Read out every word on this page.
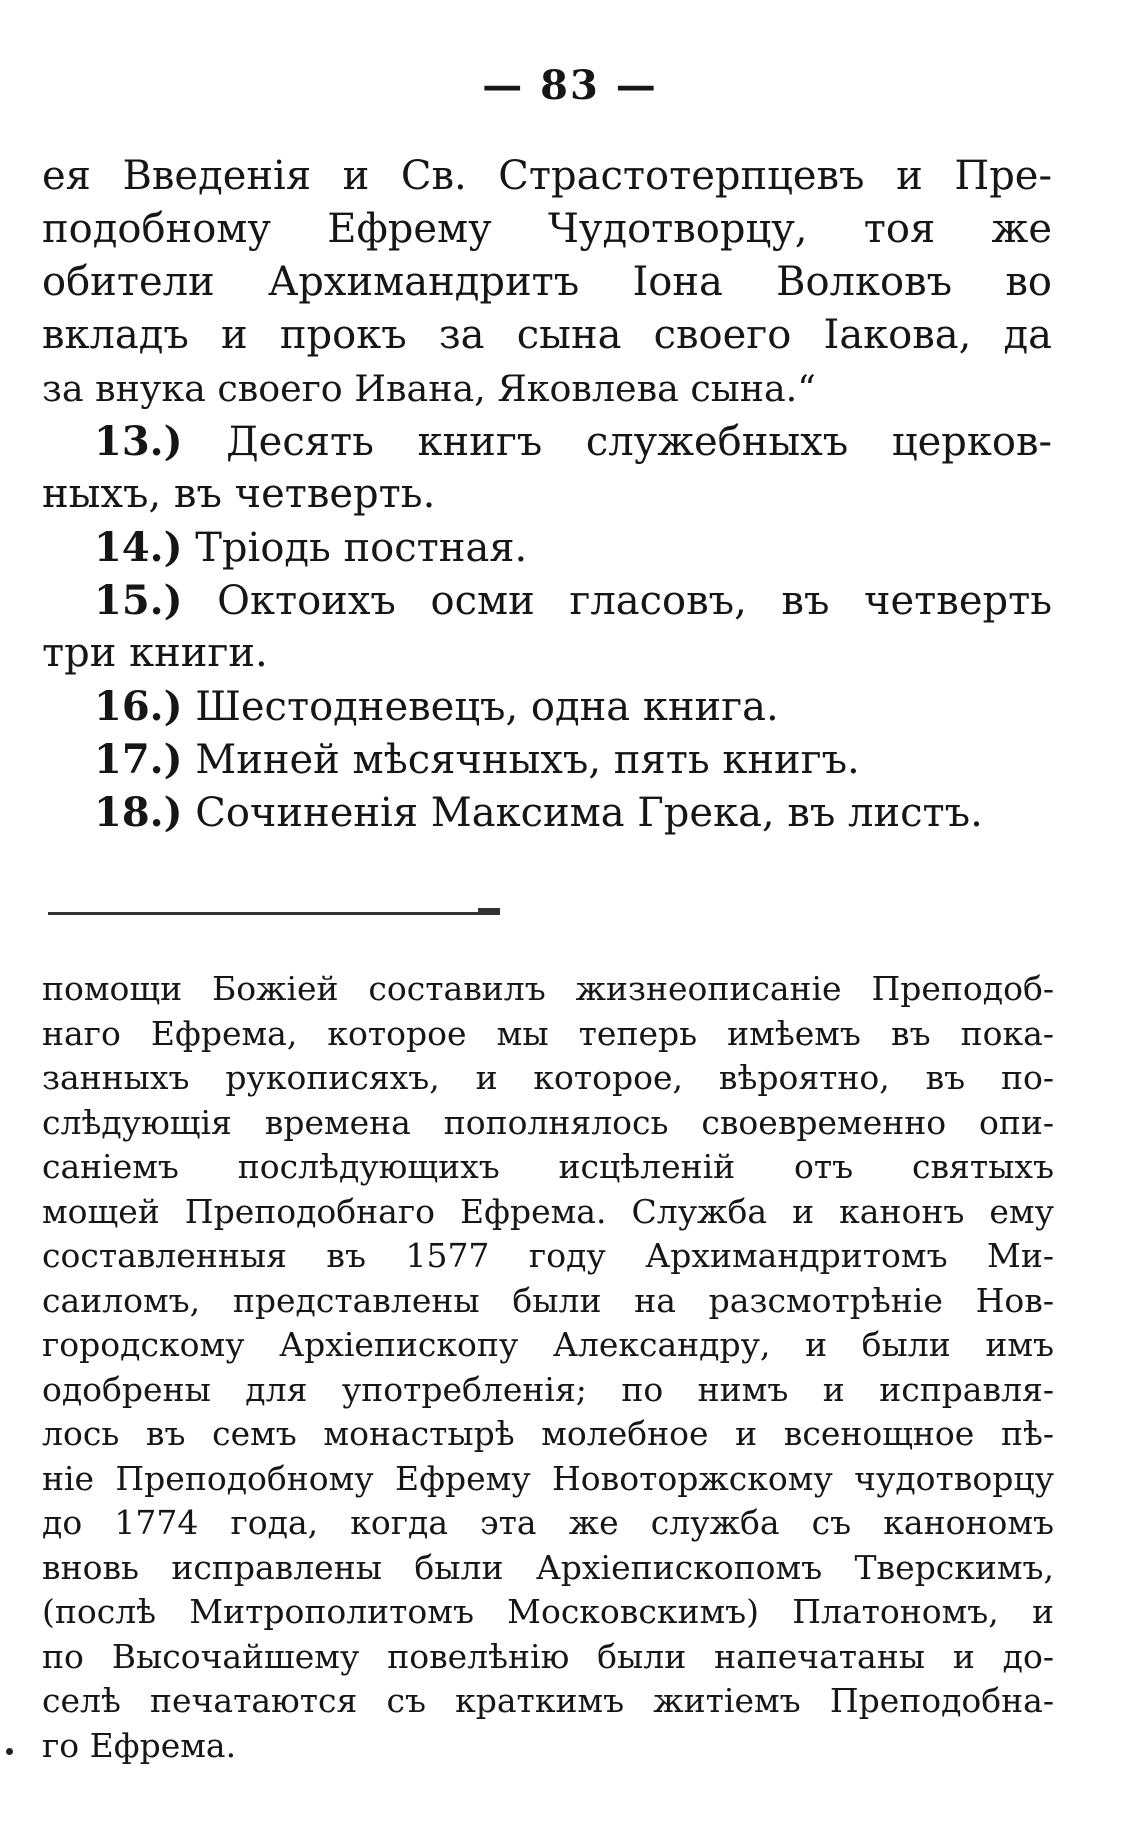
— 83 —
ея Введенія и Св. Страстотерпцевъ и Пре-
подобному Ефрему Чудотворцу, тоя же
обители Архимандритъ Іона Волковъ во
вкладъ и прокъ за сына своего Іакова, да
за внука своего Ивана, Яковлева сына.“
13.) Десять книгъ служебныхъ церков-
ныхъ, въ четверть.
14.) Тріодь постная.
15.) Октоихъ осми гласовъ, въ четверть
три книги.
16.) Шестодневецъ, одна книга.
17.) Миней мѣсячныхъ, пять книгъ.
18.) Сочиненія Максима Грека, въ листъ.
помощи Божіей составилъ жизнеописаніе Преподоб-
наго Ефрема, которое мы теперь имѣемъ въ пока-
занныхъ рукописяхъ, и которое, вѣроятно, въ по-
слѣдующія времена пополнялось своевременно опи-
саніемъ послѣдующихъ исцѣленій отъ святыхъ
мощей Преподобнаго Ефрема. Служба и канонъ ему
составленныя въ 1577 году Архимандритомъ Ми-
саиломъ, представлены были на разсмотрѣніе Нов-
городскому Архіепископу Александру, и были имъ
одобрены для употребленія; по нимъ и исправля-
лось въ семъ монастырѣ молебное и всенощное пѣ-
ніе Преподобному Ефрему Новоторжскому чудотворцу
до 1774 года, когда эта же служба съ канономъ
вновь исправлены были Архіепископомъ Тверскимъ,
(послѣ Митрополитомъ Московскимъ) Платономъ, и
по Высочайшему повелѣнію были напечатаны и до-
селѣ печатаются съ краткимъ житіемъ Преподобна-
го Ефрема.
